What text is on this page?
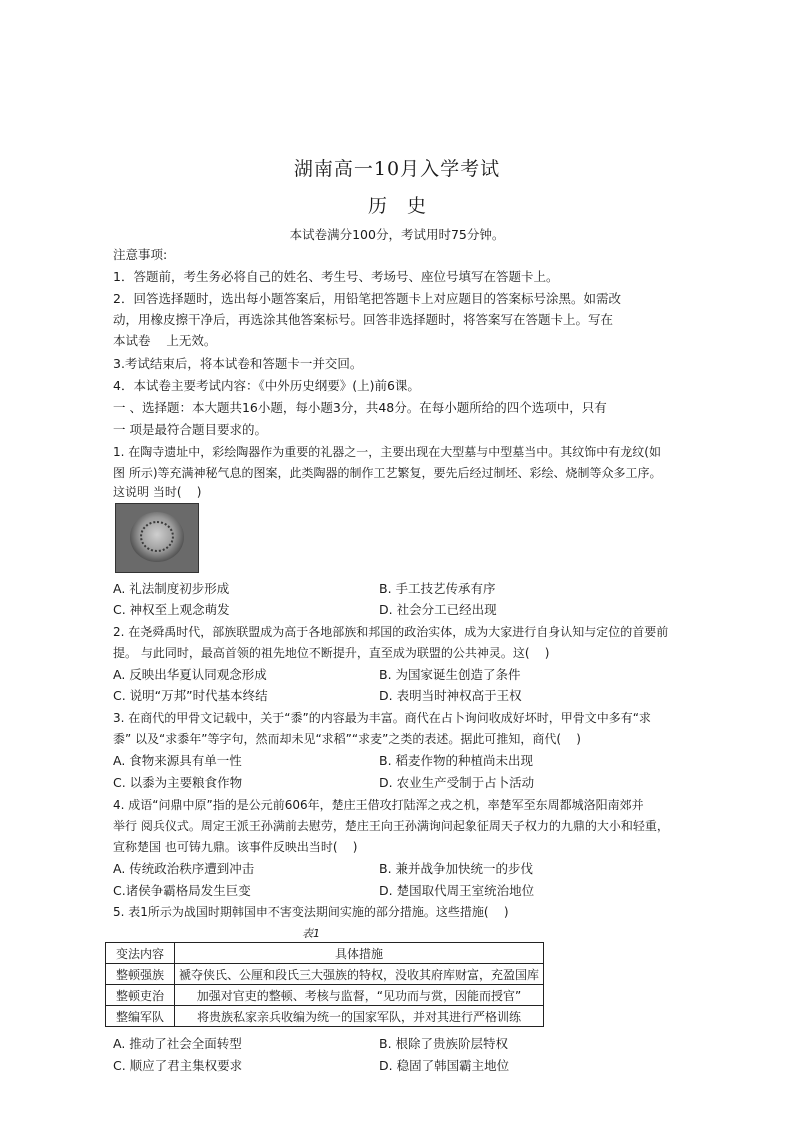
湖南高一10月入学考试
历 史
本试卷满分100分，考试用时75分钟。
注意事项:
1．答题前，考生务必将自己的姓名、考生号、考场号、座位号填写在答题卡上。
2．回答选择题时，选出每小题答案后，用铅笔把答题卡上对应题目的答案标号涂黑。如需改
动，用橡皮擦干净后，再选涂其他答案标号。回答非选择题时，将答案写在答题卡上。写在
本试卷    上无效。
3.考试结束后，将本试卷和答题卡一并交回。
4．本试卷主要考试内容：《中外历史纲要》(上)前6课。
一 、选择题：本大题共16小题，每小题3分，共48分。在每小题所给的四个选项中，只有
一 项是最符合题目要求的。
1. 在陶寺遗址中，彩绘陶器作为重要的礼器之一，主要出现在大型墓与中型墓当中。其纹饰中有龙纹(如
图 所示)等充满神秘气息的图案，此类陶器的制作工艺繁复，要先后经过制坯、彩绘、烧制等众多工序。
这说明 当时(    )
A. 礼法制度初步形成	B. 手工技艺传承有序
C. 神权至上观念萌发	D. 社会分工已经出现
2. 在尧舜禹时代，部族联盟成为高于各地部族和邦国的政治实体，成为大家进行自身认知与定位的首要前
提。 与此同时，最高首领的祖先地位不断提升，直至成为联盟的公共神灵。这(    )
A. 反映出华夏认同观念形成	B. 为国家诞生创造了条件
C. 说明“万邦”时代基本终结	D. 表明当时神权高于王权
3. 在商代的甲骨文记载中，关于“黍”的内容最为丰富。商代在占卜询问收成好坏时，甲骨文中多有“求
黍” 以及“求黍年”等字句，然而却未见“求稻”“求麦”之类的表述。据此可推知，商代(    )
A. 食物来源具有单一性	B. 稻麦作物的种植尚未出现
C. 以黍为主要粮食作物	D. 农业生产受制于占卜活动
4. 成语“问鼎中原”指的是公元前606年，楚庄王借攻打陆浑之戎之机，率楚军至东周都城洛阳南郊并
举行 阅兵仪式。周定王派王孙满前去慰劳，楚庄王向王孙满询问起象征周天子权力的九鼎的大小和轻重，
宣称楚国 也可铸九鼎。该事件反映出当时(    )
A. 传统政治秩序遭到冲击	B. 兼并战争加快统一的步伐
C.诸侯争霸格局发生巨变	D. 楚国取代周王室统治地位
5. 表1所示为战国时期韩国申不害变法期间实施的部分措施。这些措施(    )
表1
变法内容	具体措施
整顿强族	褫夺侠氏、公厘和段氏三大强族的特权，没收其府库财富，充盈国库
整顿吏治	加强对官吏的整顿、考核与监督，“见功而与赏，因能而授官”
整编军队	将贵族私家亲兵收编为统一的国家军队，并对其进行严格训练
A. 推动了社会全面转型	B. 根除了贵族阶层特权
C. 顺应了君主集权要求	D. 稳固了韩国霸主地位
